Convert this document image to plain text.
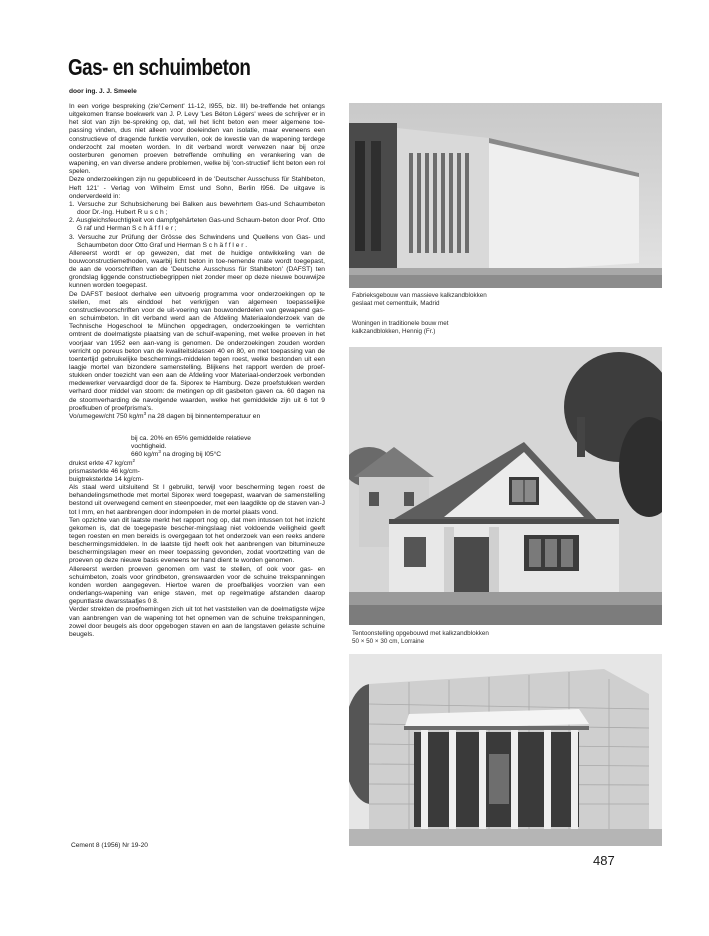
Gas- en schuimbeton

door ing. J. J. Smeele

In een vorige bespreking (zie'Cement' 11-12, I955, biz. III) be-treffende het onlangs uitgekomen franse boekwerk van J. P. Levy 'Les Béton Légers' wees de schrijver er in het slot van zijn be-spreking op, dat, wil het licht beton een meer algemene toe-passing vinden, dus niet alleen voor doeleinden van isolatie, maar eveneens een constructieve of dragende funktie vervullen, ook de kwestie van de wapening terdege onderzocht zal moeten worden. In dit verband wordt verwezen naar bij onze oosterburen genomen proeven betreffende omhulling en verankering van de wapening, en van diverse andere problemen, welke bij 'con-structief' licht beton een rol spelen.

Deze onderzoekingen zijn nu gepubliceerd in de 'Deutscher Ausschuss für Stahlbeton, Heft 121' - Verlag von Wilhelm Ernst und Sohn, Berlin I956. De uitgave is onderverdeeld in:

1. Versuche zur Schubsicherung bei Balken aus bewehrtem Gas-und Schaumbeton door Dr.-Ing. Hubert R u s c h ;

2. Ausgleichsfeuchtigkeit von dampfgehärteten Gas-und Schaum-beton door Prof. Otto G raf und Herman S c h ä f f l e r ;

3. Versuche zur Prüfung der Grösse des Schwindens und Quellens von Gas- und Schaumbeton door Otto Graf und Herman S c h ä f f l e r .

Allereerst wordt er op gewezen, dat met de huidige ontwikkeling van de bouwconstructiemethoden, waarbij licht beton in toe-nemende mate wordt toegepast, de aan de voorschriften van de 'Deutsche Ausschuss für Stahlbeton' (DAFST) ten grondslag liggende constructiebegrippen niet zonder meer op deze nieuwe bouwwijze kunnen worden toegepast.

De DAFST besloot derhalve een uitvoerig programma voor onderzoekingen op te stellen, met als einddoel het verkrijgen van algemeen toepasselijke constructievoorschriften voor de uit-voering van bouwonderdelen van gewapend gas- en schuimbeton. In dit verband werd aan de Afdeling Materiaalonderzoek van de Technische Hogeschool te München opgedragen, onderzoekingen te verrichten omtrent de doelmatigste plaatsing van de schuif-wapening, met welke proeven in het voorjaar van 1952 een aan-vang is genomen. De onderzoekingen zouden worden verricht op poreus beton van de kwaliteitsklassen 40 en 80, en met toepassing van de toentertijd gebruikelijke beschermings-middelen tegen roest, welke bestonden uit een laagje mortel van bizondere samenstelling. Blijkens het rapport werden de proef-stukken onder toezicht van een aan de Afdeling voor Materiaal-onderzoek verbonden medewerker vervaardigd door de fa. Siporex te Hamburg. Deze proefstukken werden verhard door middel van stoom: de metingen op dit gasbeton gaven ca. 60 dagen na de stoomverharding de navolgende waarden, welke het gemiddelde zijn uit 6 tot 9 proefkuben of proefprisma's.

Vo/umegew/cht 750 $kg/m^3$ na 28 dagen bij binnentemperatuur en

bij ca. 20% en 65% gemiddelde relatieve

vochtigheid.

660 $kg/m^3$ na droging bij I05°C

drukst erkte 47 $kg/cm^2$

prismasterkte 46 kg/cm-

buigtreksterkte 14 kg/cm-

Als staal werd uitsluitend St I gebruikt, terwijl voor bescherming tegen roest de behandelingsmethode met mortel Siporex werd toegepast, waarvan de samenstelling bestond uit overwegend cement en steenpoeder, met een laagdikte op de staven van-J tot I mm, en het aanbrengen door indompelen in de mortel plaats vond.

Ten opzichte van dit laatste merkt het rapport nog op, dat men intussen tot het inzicht gekomen is, dat de toegepaste bescher-mingslaag niet voldoende veiligheid geeft tegen roesten en men bereids is overgegaan tot het onderzoek van een reeks andere beschermingsmiddelen. In de laatste tijd heeft ook het aanbrengen van bitumineuze beschermingslagen meer en meer toepassing gevonden, zodat voortzetting van de proeven op deze nieuwe basis eveneens ter hand dient te worden genomen.

Allereerst werden proeven genomen om vast te stellen, of ook voor gas- en schuimbeton, zoals voor grindbeton, grenswaarden voor de schuine trekspanningen konden worden aangegeven. Hiertoe waren de proefbalkjes voorzien van een onderlangs-wapening van enige staven, met op regelmatige afstanden daarop gepuntlaste dwarsstaafjes 0 8.

Verder strekten de proefnemingen zich uit tot het vaststellen van de doelmatigste wijze van aanbrengen van de wapening tot het opnemen van de schuine trekspanningen, zowel door beugels als door opgebogen staven en aan de langstaven gelaste schuine beugels.

Fabrieksgebouw van massieve kalkzandblokken
geslaat met cementtuik, Madrid

Woningen in traditionele bouw met
kalkzandblokken, Hennig (Fr.)

Tentoonstelling opgebouwd met kalkzandblokken
50 × 50 × 30 cm, Lorraine

Cement 8 (1956) Nr 19-20

487
